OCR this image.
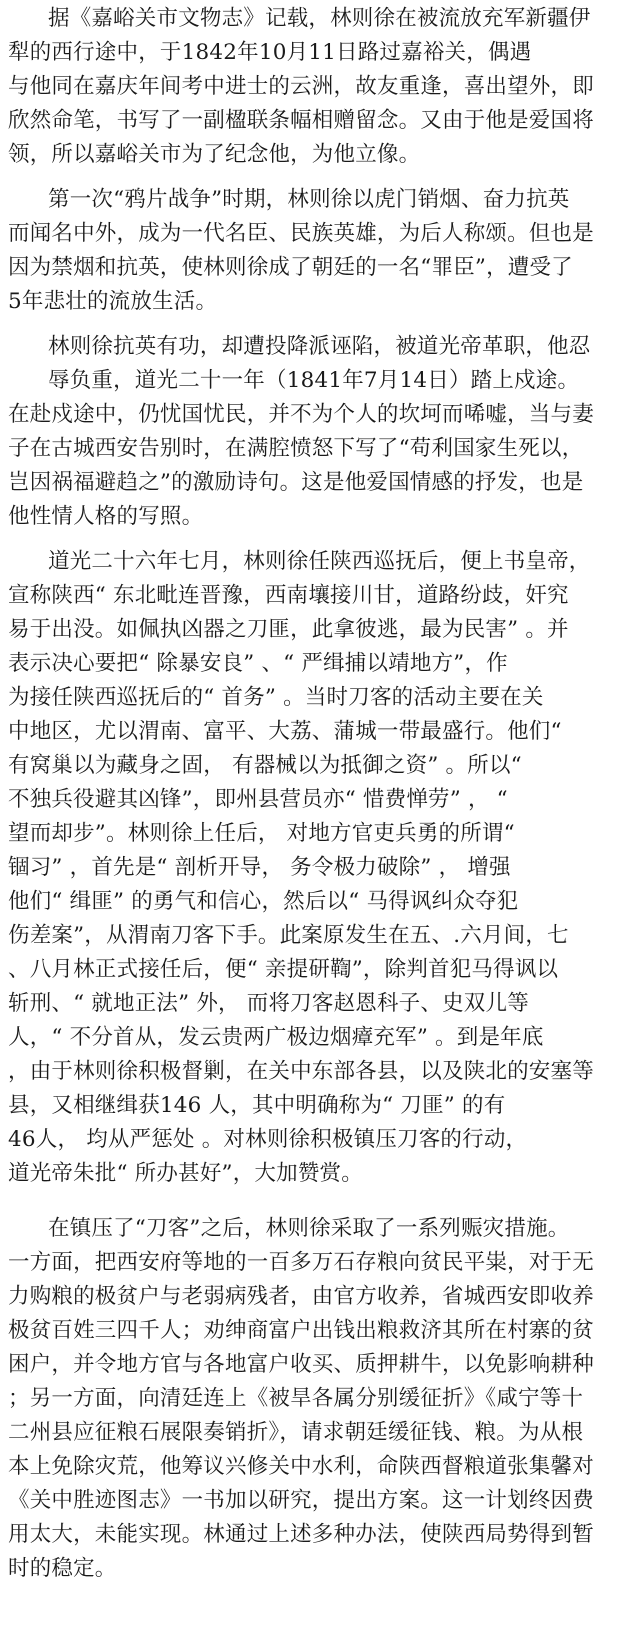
据《嘉峪关市文物志》记载，林则徐在被流放充军新疆伊
犁的西行途中，于1842年10月11日路过嘉裕关，偶遇
与他同在嘉庆年间考中进士的云洲，故友重逢，喜出望外，即
欣然命笔，书写了一副楹联条幅相赠留念。又由于他是爱国将
领，所以嘉峪关市为了纪念他，为他立像。
第一次“鸦片战争”时期，林则徐以虎门销烟、奋力抗英
而闻名中外，成为一代名臣、民族英雄，为后人称颂。但也是
因为禁烟和抗英，使林则徐成了朝廷的一名“罪臣”，遭受了
5年悲壮的流放生活。
林则徐抗英有功，却遭投降派诬陷，被道光帝革职，他忍
辱负重，道光二十一年（1841年7月14日）踏上戍途。
在赴戍途中，仍忧国忧民，并不为个人的坎坷而唏嘘，当与妻
子在古城西安告别时，在满腔愤怒下写了“苟利国家生死以，
岂因祸福避趋之”的激励诗句。这是他爱国情感的抒发，也是
他性情人格的写照。
道光二十六年七月，林则徐任陕西巡抚后，便上书皇帝，
宣称陕西“ 东北毗连晋豫，西南壤接川甘，道路纷歧，奸究
易于出没。如佩执凶器之刀匪，此拿彼逃，最为民害” 。并
表示决心要把“ 除暴安良” 、“ 严缉捕以靖地方”，作
为接任陕西巡抚后的“ 首务” 。当时刀客的活动主要在关
中地区，尤以渭南、富平、大荔、蒲城一带最盛行。他们“
有窝巢以为藏身之固， 有器械以为抵御之资” 。所以“
不独兵役避其凶锋”，即州县营员亦“ 惜费惮劳” ， “
望而却步”。林则徐上任后， 对地方官吏兵勇的所谓“
锢习” ，首先是“ 剖析开导， 务令极力破除” ， 增强
他们“ 缉匪” 的勇气和信心，然后以“ 马得讽纠众夺犯
伤差案”，从渭南刀客下手。此案原发生在五、.六月间，七
、八月林正式接任后，便“ 亲提研鞫”，除判首犯马得讽以
斩刑、“ 就地正法” 外， 而将刀客赵恩科子、史双儿等
人，“ 不分首从，发云贵两广极边烟瘴充军” 。到是年底
，由于林则徐积极督剿，在关中东部各县，以及陕北的安塞等
县，又相继缉获146 人，其中明确称为“ 刀匪” 的有
46人， 均从严惩处 。对林则徐积极镇压刀客的行动，
道光帝朱批“ 所办甚好”，大加赞赏。
在镇压了“刀客”之后，林则徐采取了一系列赈灾措施。
一方面，把西安府等地的一百多万石存粮向贫民平粜，对于无
力购粮的极贫户与老弱病残者，由官方收养，省城西安即收养
极贫百姓三四千人；劝绅商富户出钱出粮救济其所在村寨的贫
困户，并令地方官与各地富户收买、质押耕牛，以免影响耕种
；另一方面，向清廷连上《被旱各属分别缓征折》《咸宁等十
二州县应征粮石展限奏销折》，请求朝廷缓征钱、粮。为从根
本上免除灾荒，他筹议兴修关中水利，命陕西督粮道张集馨对
《关中胜迹图志》一书加以研究，提出方案。这一计划终因费
用太大，未能实现。林通过上述多种办法，使陕西局势得到暂
时的稳定。
